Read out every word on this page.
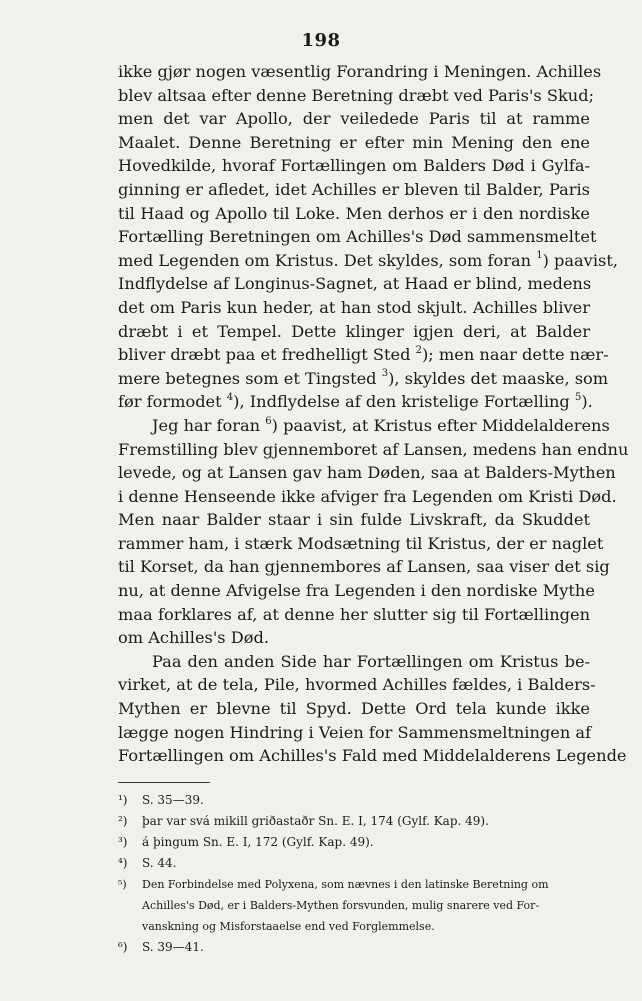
198
ikke gjør nogen væsentlig Forandring i Meningen. Achilles
blev altsaa efter denne Beretning dræbt ved Paris's Skud;
men det var Apollo, der veiledede Paris til at ramme
Maalet. Denne Beretning er efter min Mening den ene
Hovedkilde, hvoraf Fortællingen om Balders Død i Gylfa-
ginning er afledet, idet Achilles er bleven til Balder, Paris
til Haad og Apollo til Loke. Men derhos er i den nordiske
Fortælling Beretningen om Achilles's Død sammensmeltet
med Legenden om Kristus. Det skyldes, som foran $^1$) paavist,
Indflydelse af Longinus-Sagnet, at Haad er blind, medens
det om Paris kun heder, at han stod skjult. Achilles bliver
dræbt i et Tempel. Dette klinger igjen deri, at Balder
bliver dræbt paa et fredhelligt Sted $^2$); men naar dette nær-
mere betegnes som et Tingsted $^3$), skyldes det maaske, som
før formodet $^4$), Indflydelse af den kristelige Fortælling $^5$).
Jeg har foran $^6$) paavist, at Kristus efter Middelalderens
Fremstilling blev gjennemboret af Lansen, medens han endnu
levede, og at Lansen gav ham Døden, saa at Balders-Mythen
i denne Henseende ikke afviger fra Legenden om Kristi Død.
Men naar Balder staar i sin fulde Livskraft, da Skuddet
rammer ham, i stærk Modsætning til Kristus, der er naglet
til Korset, da han gjennembores af Lansen, saa viser det sig
nu, at denne Afvigelse fra Legenden i den nordiske Mythe
maa forklares af, at denne her slutter sig til Fortællingen
om Achilles's Død.
Paa den anden Side har Fortællingen om Kristus be-
virket, at de tela, Pile, hvormed Achilles fældes, i Balders-
Mythen er blevne til Spyd. Dette Ord tela kunde ikke
lægge nogen Hindring i Veien for Sammensmeltningen af
Fortællingen om Achilles's Fald med Middelalderens Legende
¹) S. 35—39.
²) þar var svá mikill griðastaðr Sn. E. I, 174 (Gylf. Kap. 49).
³) á þingum Sn. E. I, 172 (Gylf. Kap. 49).
⁴) S. 44.
⁵) Den Forbindelse med Polyxena, som nævnes i den latinske Beretning om
Achilles's Død, er i Balders-Mythen forsvunden, mulig snarere ved For-
vanskning og Misforstaaelse end ved Forglemmelse.
⁶) S. 39—41.
